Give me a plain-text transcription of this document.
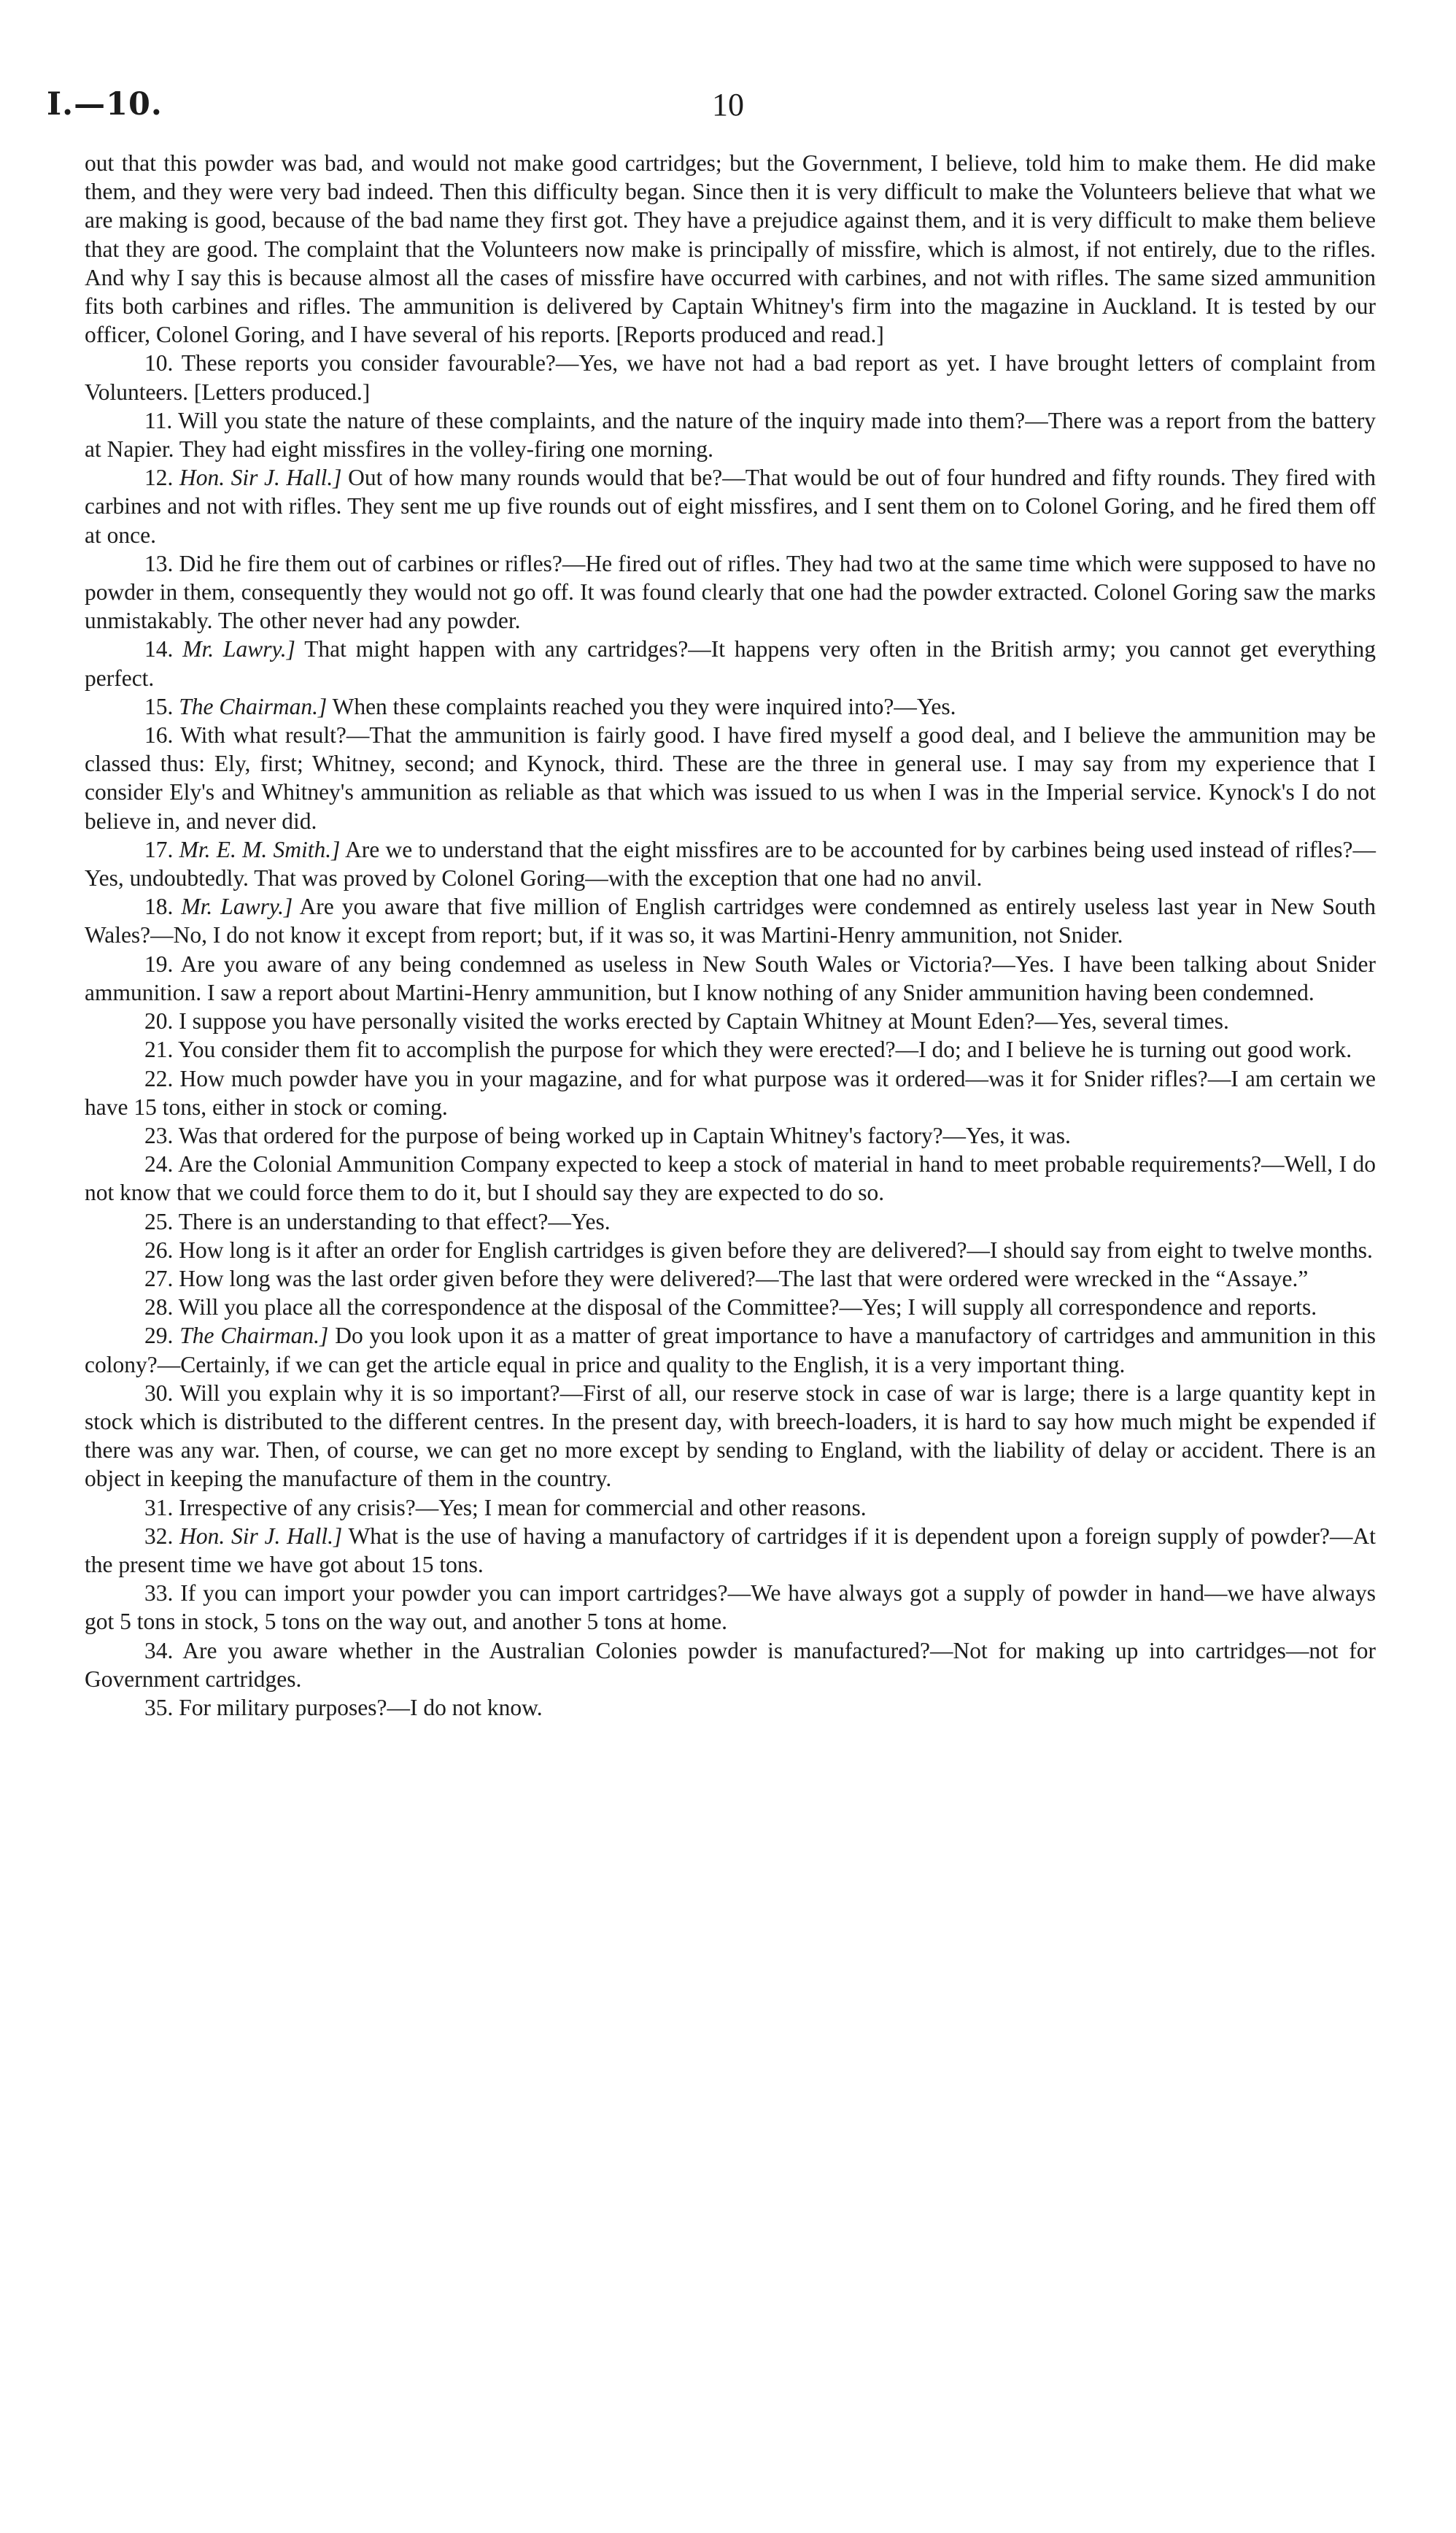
I.—10.	10

out that this powder was bad, and would not make good cartridges; but the Government, I believe, told him to make them. He did make them, and they were very bad indeed. Then this difficulty began. Since then it is very difficult to make the Volunteers believe that what we are making is good, because of the bad name they first got. They have a prejudice against them, and it is very difficult to make them believe that they are good. The complaint that the Volunteers now make is principally of missfire, which is almost, if not entirely, due to the rifles. And why I say this is because almost all the cases of missfire have occurred with carbines, and not with rifles. The same sized ammunition fits both carbines and rifles. The ammunition is delivered by Captain Whitney's firm into the magazine in Auckland. It is tested by our officer, Colonel Goring, and I have several of his reports. [Reports produced and read.]

10. These reports you consider favourable?—Yes, we have not had a bad report as yet. I have brought letters of complaint from Volunteers. [Letters produced.]

11. Will you state the nature of these complaints, and the nature of the inquiry made into them?—There was a report from the battery at Napier. They had eight missfires in the volley-firing one morning.

12. Hon. Sir J. Hall.] Out of how many rounds would that be?—That would be out of four hundred and fifty rounds. They fired with carbines and not with rifles. They sent me up five rounds out of eight missfires, and I sent them on to Colonel Goring, and he fired them off at once.

13. Did he fire them out of carbines or rifles?—He fired out of rifles. They had two at the same time which were supposed to have no powder in them, consequently they would not go off. It was found clearly that one had the powder extracted. Colonel Goring saw the marks unmistakably. The other never had any powder.

14. Mr. Lawry.] That might happen with any cartridges?—It happens very often in the British army; you cannot get everything perfect.

15. The Chairman.] When these complaints reached you they were inquired into?—Yes.

16. With what result?—That the ammunition is fairly good. I have fired myself a good deal, and I believe the ammunition may be classed thus: Ely, first; Whitney, second; and Kynock, third. These are the three in general use. I may say from my experience that I consider Ely's and Whitney's ammunition as reliable as that which was issued to us when I was in the Imperial service. Kynock's I do not believe in, and never did.

17. Mr. E. M. Smith.] Are we to understand that the eight missfires are to be accounted for by carbines being used instead of rifles?—Yes, undoubtedly. That was proved by Colonel Goring—with the exception that one had no anvil.

18. Mr. Lawry.] Are you aware that five million of English cartridges were condemned as entirely useless last year in New South Wales?—No, I do not know it except from report; but, if it was so, it was Martini-Henry ammunition, not Snider.

19. Are you aware of any being condemned as useless in New South Wales or Victoria?—Yes. I have been talking about Snider ammunition. I saw a report about Martini-Henry ammunition, but I know nothing of any Snider ammunition having been condemned.

20. I suppose you have personally visited the works erected by Captain Whitney at Mount Eden?—Yes, several times.

21. You consider them fit to accomplish the purpose for which they were erected?—I do; and I believe he is turning out good work.

22. How much powder have you in your magazine, and for what purpose was it ordered—was it for Snider rifles?—I am certain we have 15 tons, either in stock or coming.

23. Was that ordered for the purpose of being worked up in Captain Whitney's factory?—Yes, it was.

24. Are the Colonial Ammunition Company expected to keep a stock of material in hand to meet probable requirements?—Well, I do not know that we could force them to do it, but I should say they are expected to do so.

25. There is an understanding to that effect?—Yes.

26. How long is it after an order for English cartridges is given before they are delivered?—I should say from eight to twelve months.

27. How long was the last order given before they were delivered?—The last that were ordered were wrecked in the “Assaye.”

28. Will you place all the correspondence at the disposal of the Committee?—Yes; I will supply all correspondence and reports.

29. The Chairman.] Do you look upon it as a matter of great importance to have a manufactory of cartridges and ammunition in this colony?—Certainly, if we can get the article equal in price and quality to the English, it is a very important thing.

30. Will you explain why it is so important?—First of all, our reserve stock in case of war is large; there is a large quantity kept in stock which is distributed to the different centres. In the present day, with breech-loaders, it is hard to say how much might be expended if there was any war. Then, of course, we can get no more except by sending to England, with the liability of delay or accident. There is an object in keeping the manufacture of them in the country.

31. Irrespective of any crisis?—Yes; I mean for commercial and other reasons.

32. Hon. Sir J. Hall.] What is the use of having a manufactory of cartridges if it is dependent upon a foreign supply of powder?—At the present time we have got about 15 tons.

33. If you can import your powder you can import cartridges?—We have always got a supply of powder in hand—we have always got 5 tons in stock, 5 tons on the way out, and another 5 tons at home.

34. Are you aware whether in the Australian Colonies powder is manufactured?—Not for making up into cartridges—not for Government cartridges.

35. For military purposes?—I do not know.
